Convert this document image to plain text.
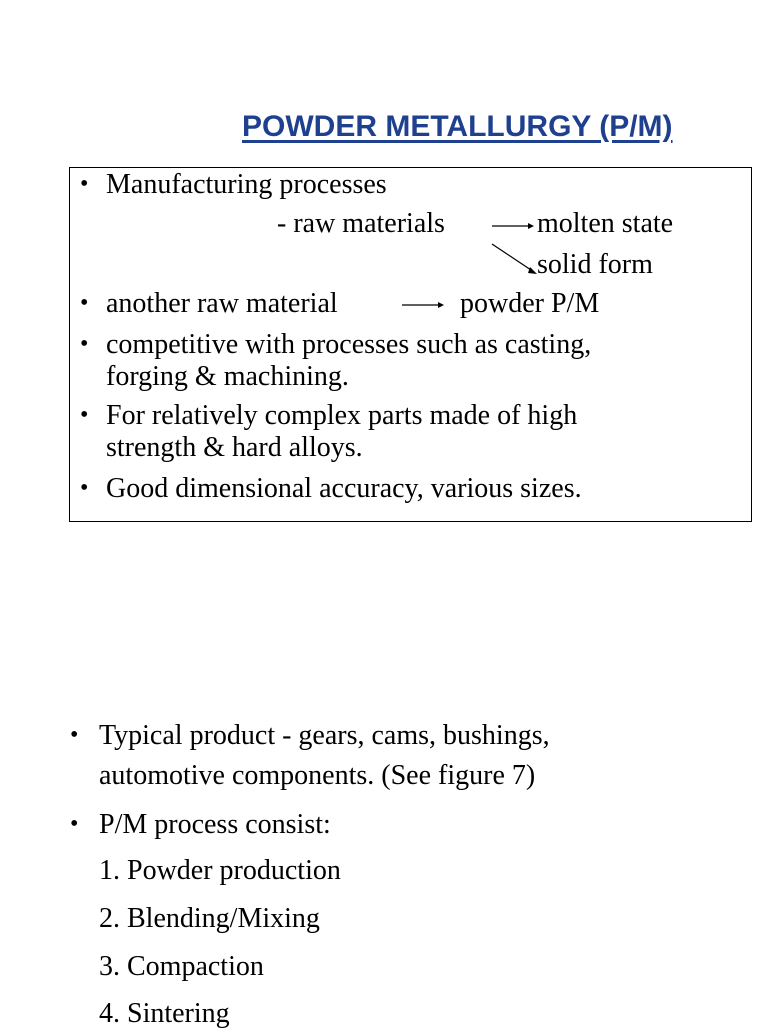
POWDER METALLURGY (P/M)
• Manufacturing processes
- raw materials	molten state
solid form
• another raw material	powder P/M
• competitive with processes such as casting,
forging & machining.
• For relatively complex parts made of high
strength & hard alloys.
• Good dimensional accuracy, various sizes.
• Typical product - gears, cams, bushings,
automotive components. (See figure 7)
• P/M process consist:
1. Powder production
2. Blending/Mixing
3. Compaction
4. Sintering
